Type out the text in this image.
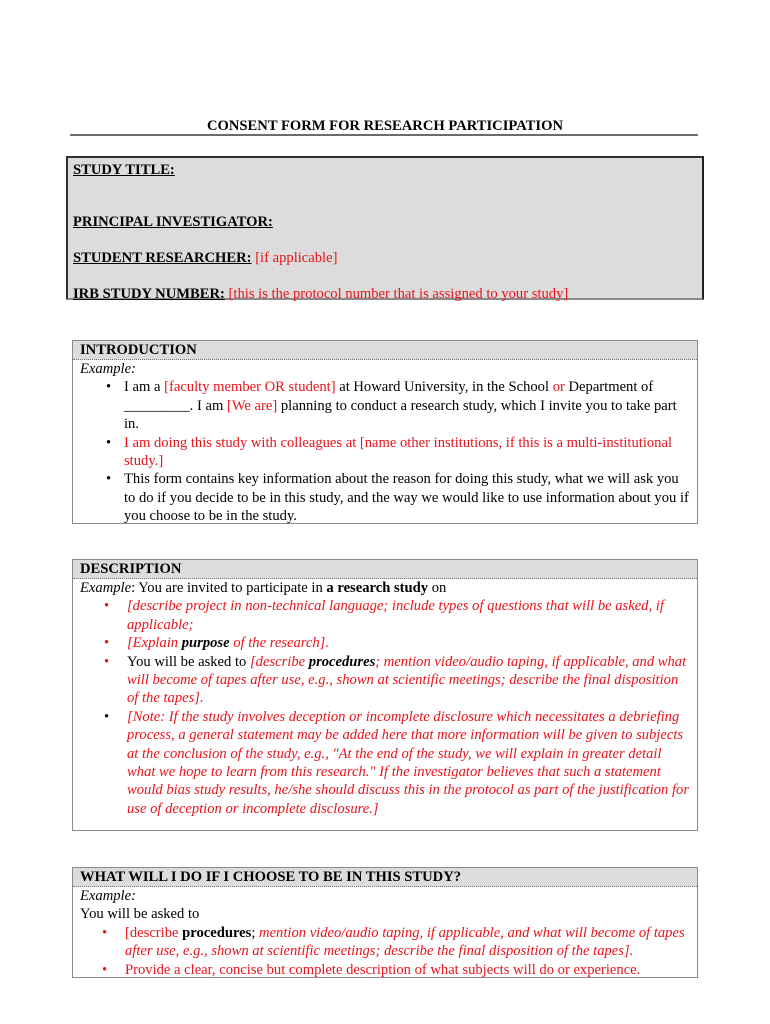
CONSENT FORM FOR RESEARCH PARTICIPATION
STUDY TITLE:
PRINCIPAL INVESTIGATOR:
STUDENT RESEARCHER: [if applicable]
IRB STUDY NUMBER: [this is the protocol number that is assigned to your study]
INTRODUCTION
Example:
• I am a [faculty member OR student] at Howard University, in the School or Department of _________. I am [We are] planning to conduct a research study, which I invite you to take part in.
• I am doing this study with colleagues at [name other institutions, if this is a multi-institutional study.]
• This form contains key information about the reason for doing this study, what we will ask you to do if you decide to be in this study, and the way we would like to use information about you if you choose to be in the study.
DESCRIPTION
Example: You are invited to participate in a research study on
• [describe project in non-technical language; include types of questions that will be asked, if applicable;
• [Explain purpose of the research].
• You will be asked to [describe procedures; mention video/audio taping, if applicable, and what will become of tapes after use, e.g., shown at scientific meetings; describe the final disposition of the tapes].
• [Note: If the study involves deception or incomplete disclosure which necessitates a debriefing process, a general statement may be added here that more information will be given to subjects at the conclusion of the study, e.g., "At the end of the study, we will explain in greater detail what we hope to learn from this research." If the investigator believes that such a statement would bias study results, he/she should discuss this in the protocol as part of the justification for use of deception or incomplete disclosure.]
WHAT WILL I DO IF I CHOOSE TO BE IN THIS STUDY?
Example:
You will be asked to
• [describe procedures; mention video/audio taping, if applicable, and what will become of tapes after use, e.g., shown at scientific meetings; describe the final disposition of the tapes].
• Provide a clear, concise but complete description of what subjects will do or experience.
